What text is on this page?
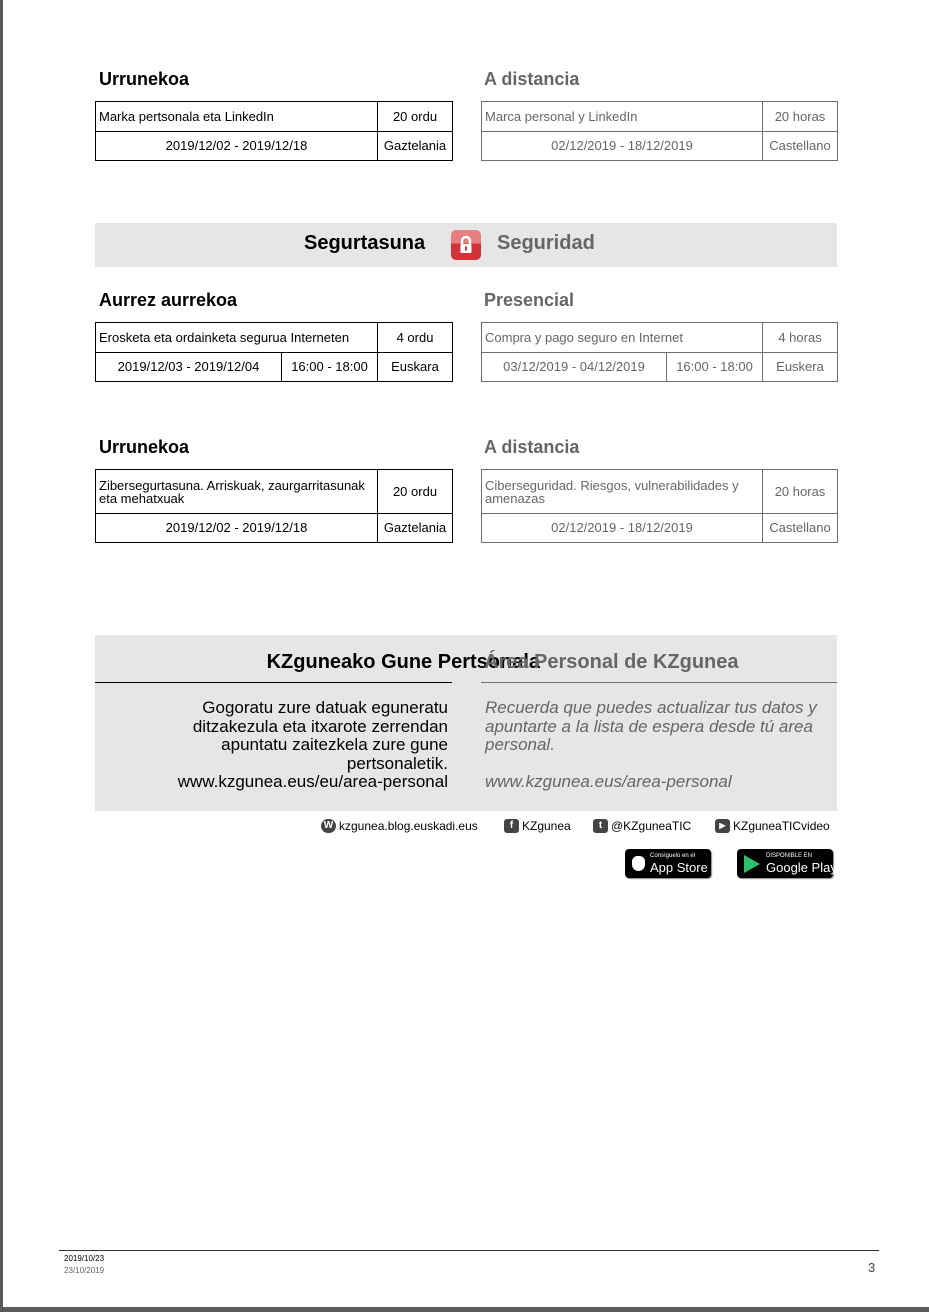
Urrunekoa	A distancia
Marka pertsonala eta LinkedIn	20 ordu
2019/12/02 - 2019/12/18	Gaztelania
Marca personal y LinkedIn	20 horas
02/12/2019 - 18/12/2019	Castellano
Segurtasuna	Seguridad
Aurrez aurrekoa	Presencial
Erosketa eta ordainketa segurua Interneten		4 ordu
2019/12/03 - 2019/12/04	16:00 - 18:00	Euskara
Compra y pago seguro en Internet		4 horas
03/12/2019 - 04/12/2019	16:00 - 18:00	Euskera
Urrunekoa	A distancia
Zibersegurtasuna. Arriskuak, zaurgarritasunak eta mehatxuak	20 ordu
2019/12/02 - 2019/12/18	Gaztelania
Ciberseguridad. Riesgos, vulnerabilidades y amenazas	20 horas
02/12/2019 - 18/12/2019	Castellano
KZguneako Gune Pertsonala
Área Personal de KZgunea
Gogoratu zure datuak eguneratu ditzakezula eta itxarote zerrendan apuntatu zaitezkela zure gune pertsonaletik.
www.kzgunea.eus/eu/area-personal
Recuerda que puedes actualizar tus datos y apuntarte a la lista de espera desde tú area personal.
www.kzgunea.eus/area-personal
W kzgunea.blog.euskadi.eus	f KZgunea	t @KZguneaTIC	▶ KZguneaTICvideo
Consíguelo en el
App Store
DISPONIBLE EN
Google Play
2019/10/23
23/10/2019	3
